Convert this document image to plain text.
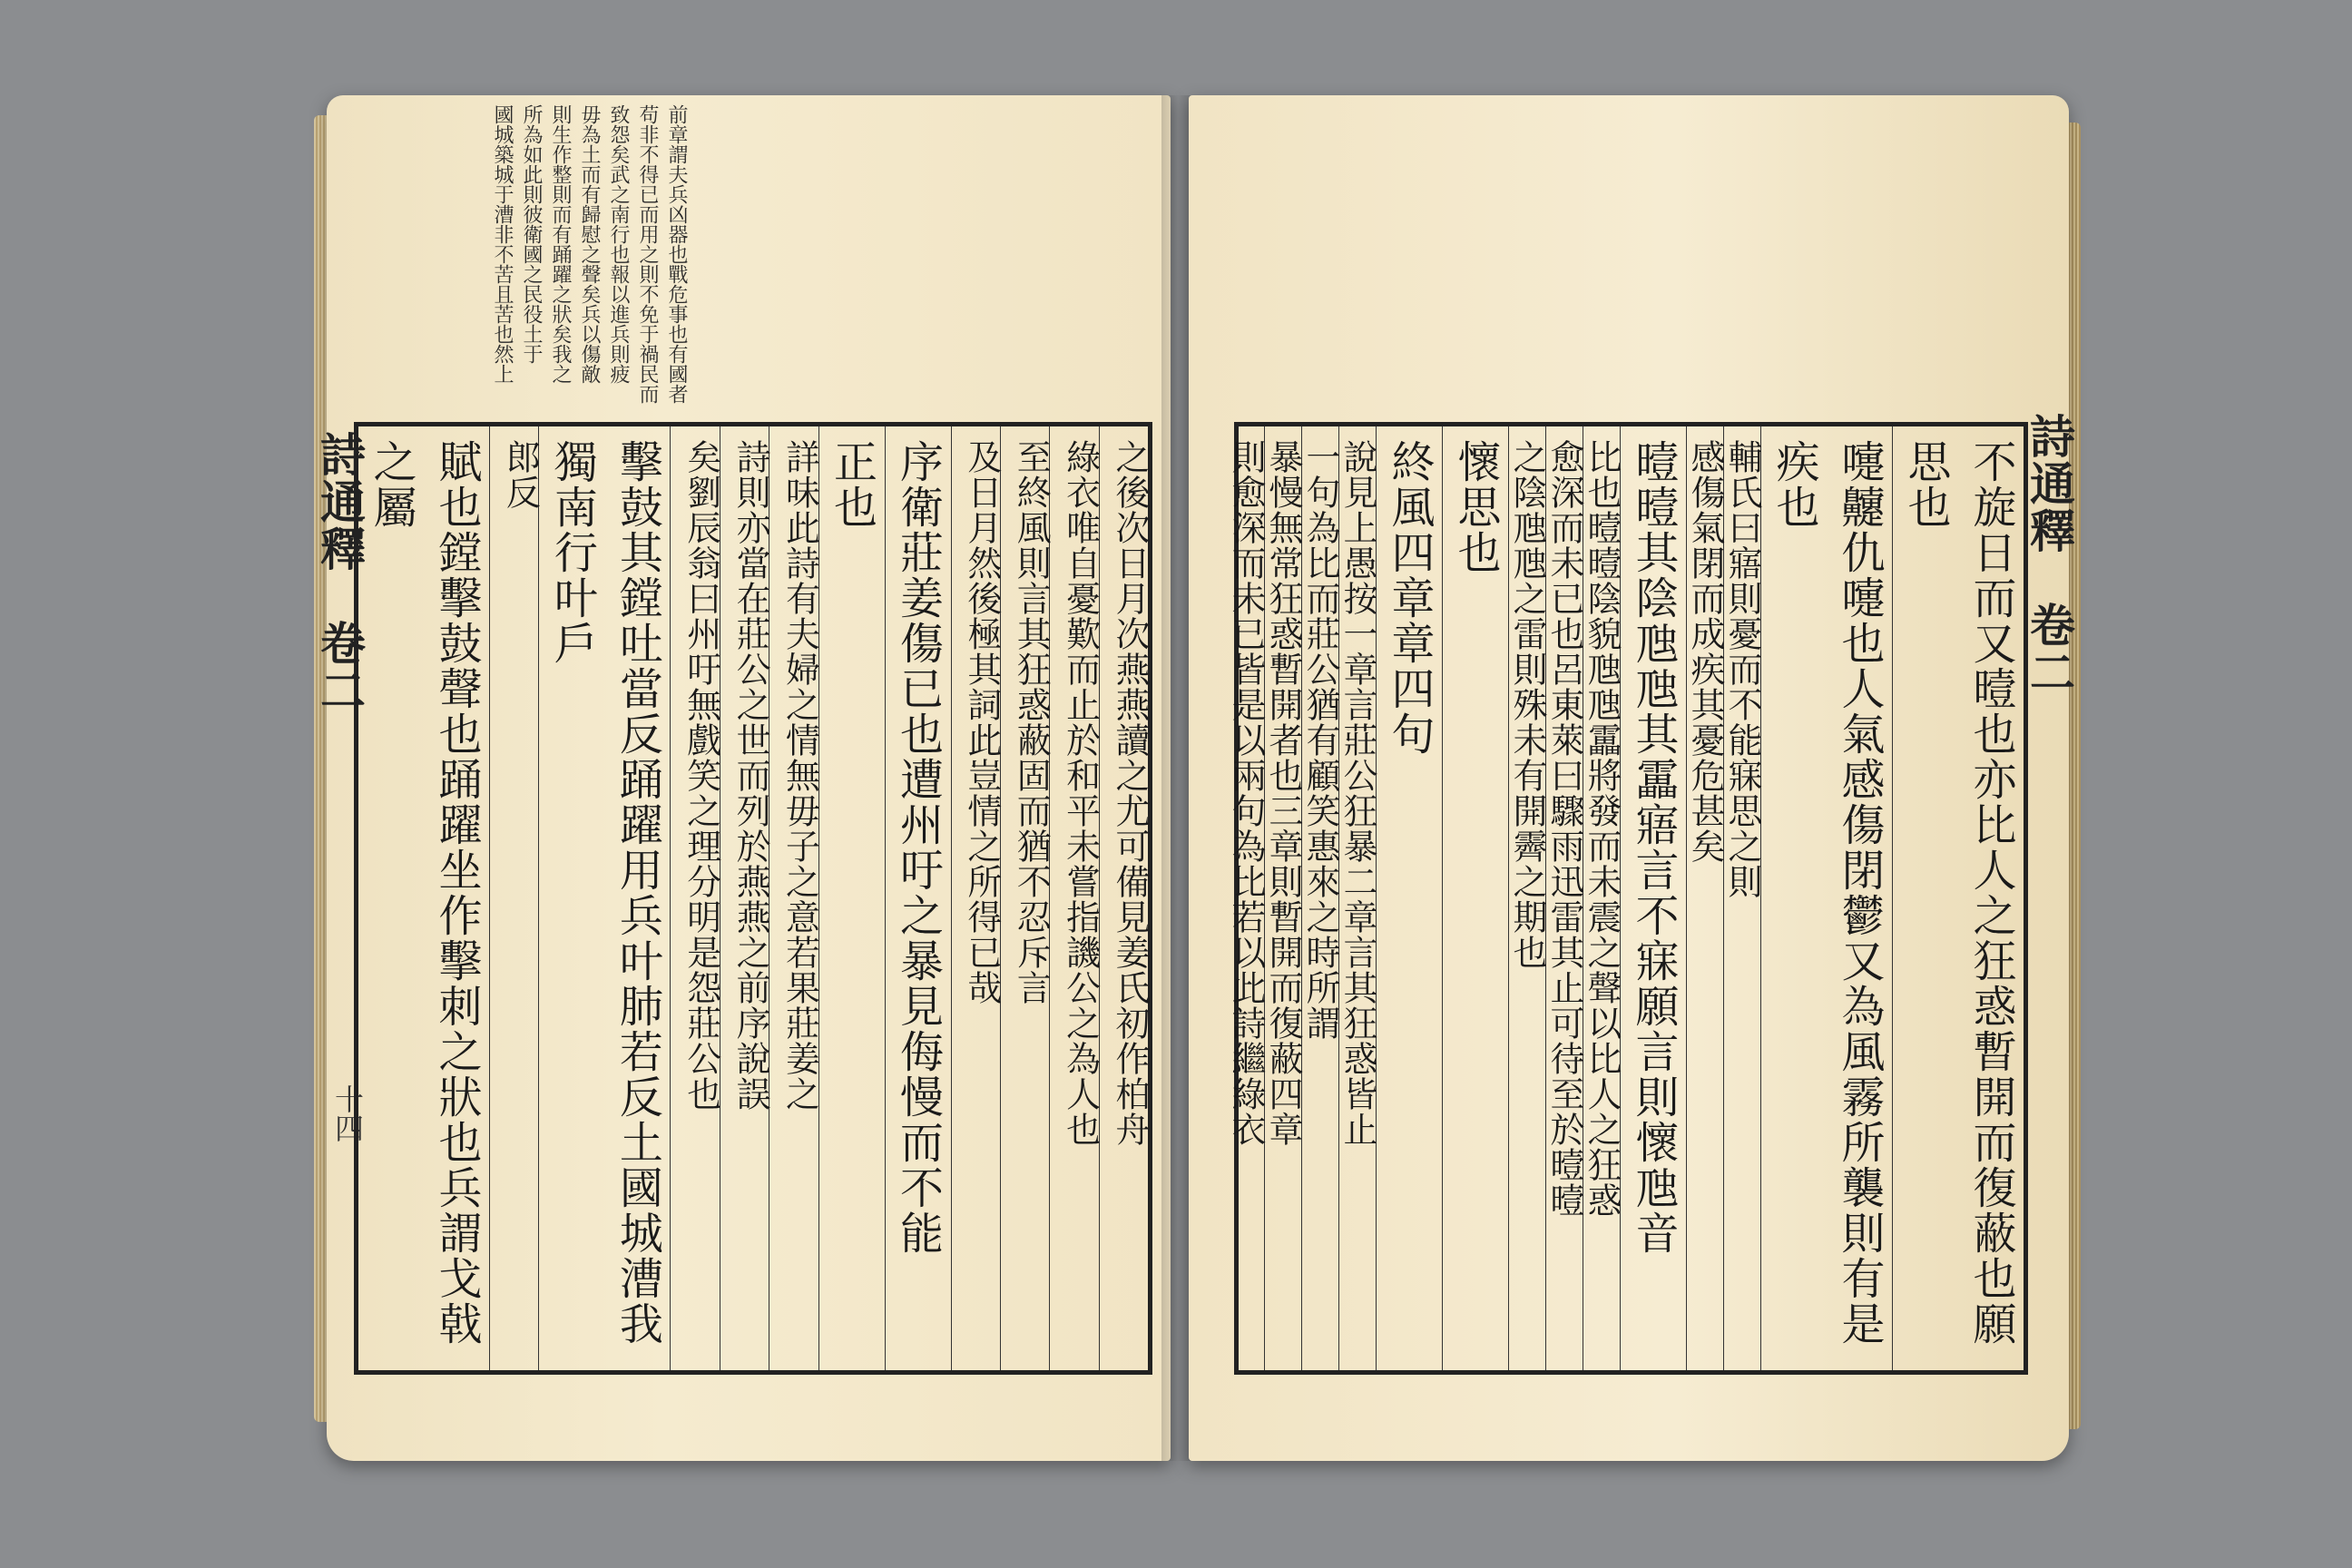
前章謂夫兵凶器也戰危事也有國者
苟非不得已而用之則不免于禍民而
致怨矣武之南行也報以進兵則疲
毋為土而有歸慰之聲矣兵以傷敵
則生作整則而有踊躍之狀矣我之
所為如此則彼衛國之民役土于
國城築城于漕非不苦且苦也然上
詩通釋　卷二
十四	之後次日月次燕燕讀之尤可備見姜氏初作柏舟
綠衣唯自憂歎而止於和平未嘗指譏公之為人也
至終風則言其狂惑蔽固而猶不忍斥言
及日月然後極其詞此豈情之所得已哉
序衛莊姜傷已也遭州吁之暴見侮慢而不能
正也
詳味此詩有夫婦之情無毋子之意若果莊姜之
詩則亦當在莊公之世而列於燕燕之前序說誤
矣劉辰翁曰州吁無戲笑之理分明是怨莊公也
擊鼓其鏜吐當反踊躍用兵叶肺若反土國城漕我獨南行叶戶
郎反
賦也鏜擊鼓聲也踊躍坐作擊刺之狀也兵謂戈戟之屬	詩通釋　卷二
不旋日而又曀也亦比人之狂惑暫開而復蔽也願思也
嚏䶑仇嚏也人氣感傷閉鬱又為風霧所襲則有是疾也
輔氏曰寤則憂而不能寐思之則
感傷氣閉而成疾其憂危甚矣
曀曀其陰虺虺其靁寤言不寐願言則懷虺音
比也曀曀陰貌虺虺靁將發而未震之聲以比人之狂惑
愈深而未已也呂東萊曰驟雨迅雷其止可待至於曀曀
之陰虺虺之雷則殊未有開霽之期也
懷思也
終風四章章四句
說見上愚按一章言莊公狂暴二章言其狂惑皆止
一句為比而莊公猶有顧笑惠來之時所謂
暴慢無常狂惑暫開者也三章則暫開而復蔽四章
則愈深而未已皆是以兩句為比若以此詩繼綠衣
